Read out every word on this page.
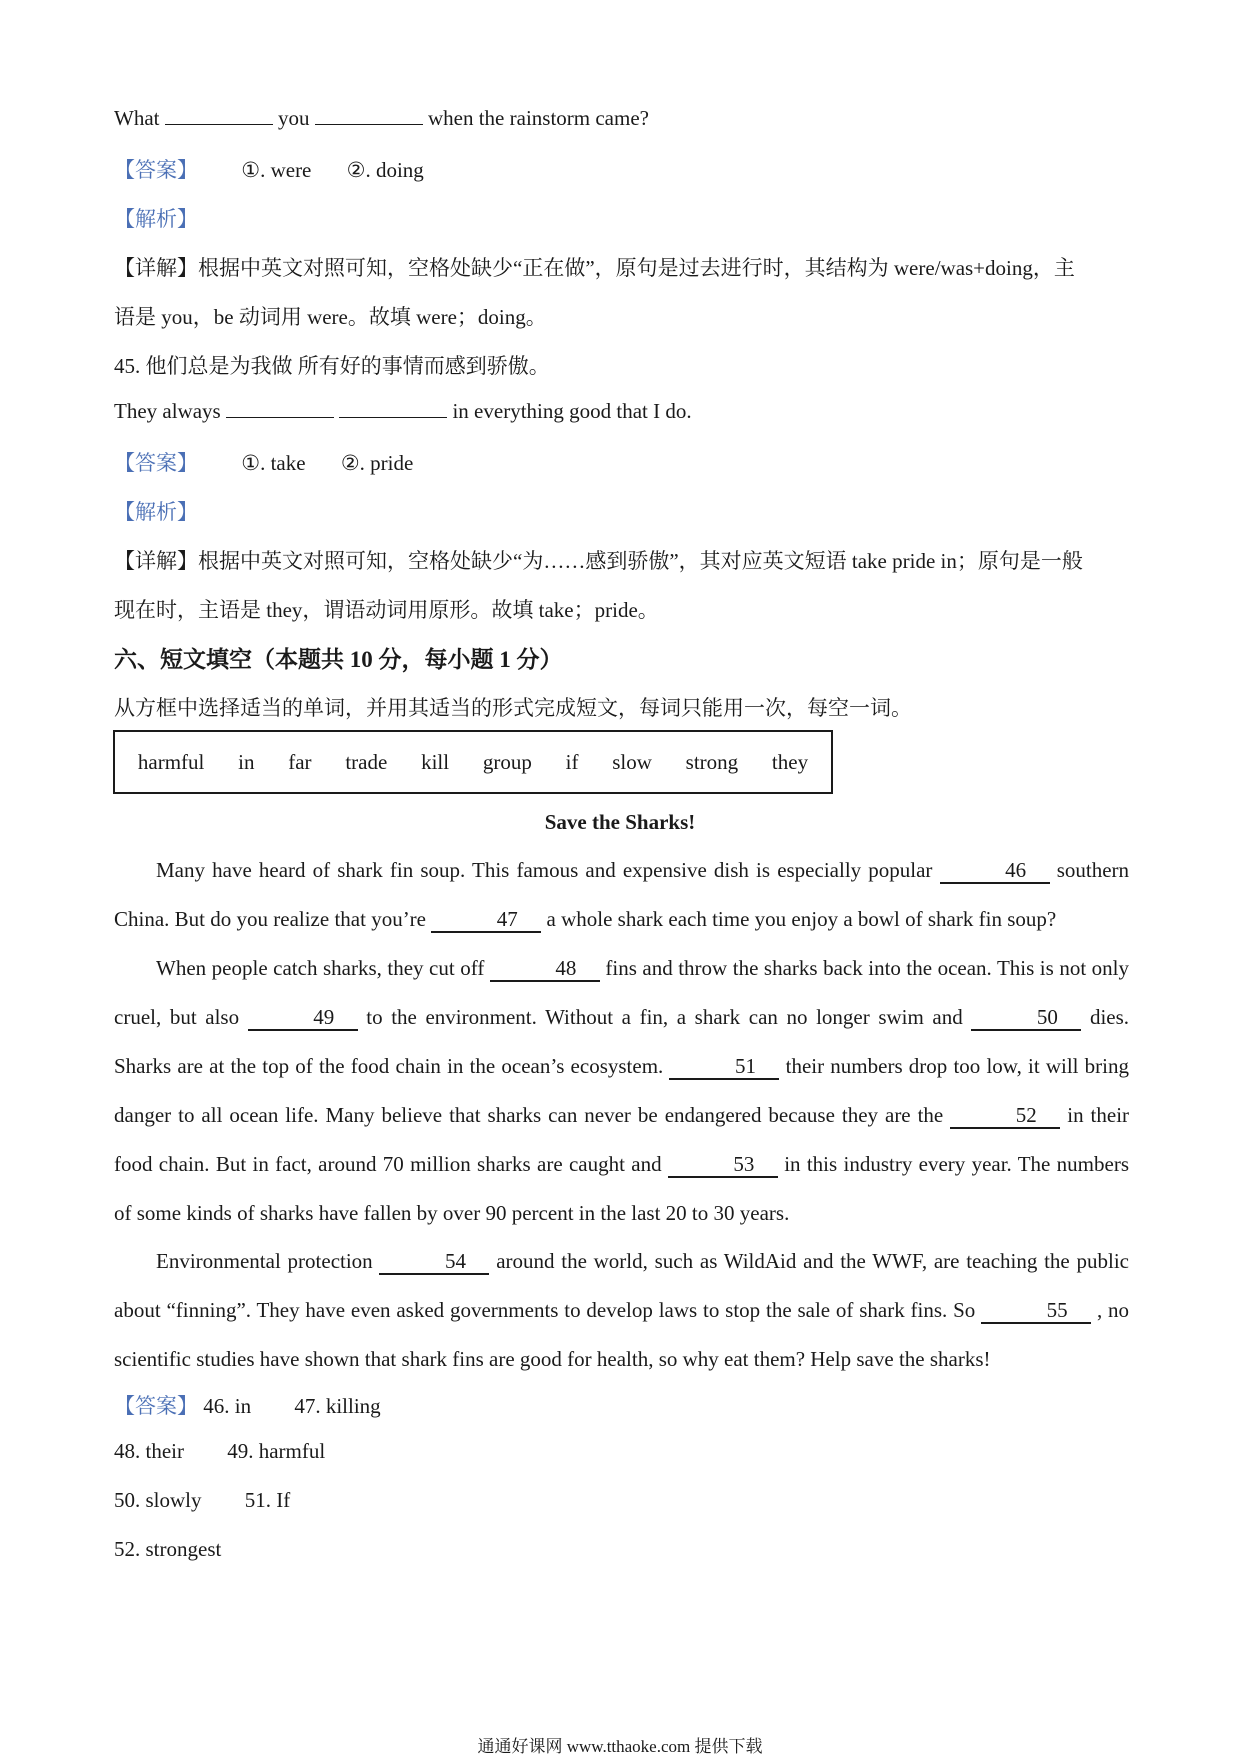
What	you	when the rainstorm came?
【答案】 ①. were ②. doing
【解析】
【详解】根据中英文对照可知，空格处缺少“正在做”，原句是过去进行时，其结构为 were/was+doing，主
语是 you，be 动词用 were。故填 were；doing。
45. 他们总是为我做 所有好的事情而感到骄傲。
They always	in everything good that I do.
【答案】 ①. take ②. pride
【解析】
【详解】根据中英文对照可知，空格处缺少“为……感到骄傲”，其对应英文短语 take pride in；原句是一般
现在时，主语是 they，谓语动词用原形。故填 take；pride。
六、短文填空（本题共 10 分，每小题 1 分）
从方框中选择适当的单词，并用其适当的形式完成短文，每词只能用一次，每空一词。
harmful in far trade kill group if slow strong they
Save the Sharks!
Many have heard of shark fin soup. This famous and expensive dish is especially popular	46 southern China. But do you realize that you’re	47 a whole shark each time you enjoy a bowl of shark fin soup?
When people catch sharks, they cut off	48 fins and throw the sharks back into the ocean. This is not only cruel, but also	49 to the environment. Without a fin, a shark can no longer swim and	50 dies. Sharks are at the top of the food chain in the ocean’s ecosystem.	51 their numbers drop too low, it will bring danger to all ocean life. Many believe that sharks can never be endangered because they are the	52 in their food chain. But in fact, around 70 million sharks are caught and	53 in this industry every year. The numbers of some kinds of sharks have fallen by over 90 percent in the last 20 to 30 years.
Environmental protection	54 around the world, such as WildAid and the WWF, are teaching the public about “finning”. They have even asked governments to develop laws to stop the sale of shark fins. So	55 , no scientific studies have shown that shark fins are good for health, so why eat them? Help save the sharks!
【答案】 46. in 47. killing
48. their 49. harmful
50. slowly 51. If
52. strongest
通通好课网 www.tthaoke.com 提供下载
